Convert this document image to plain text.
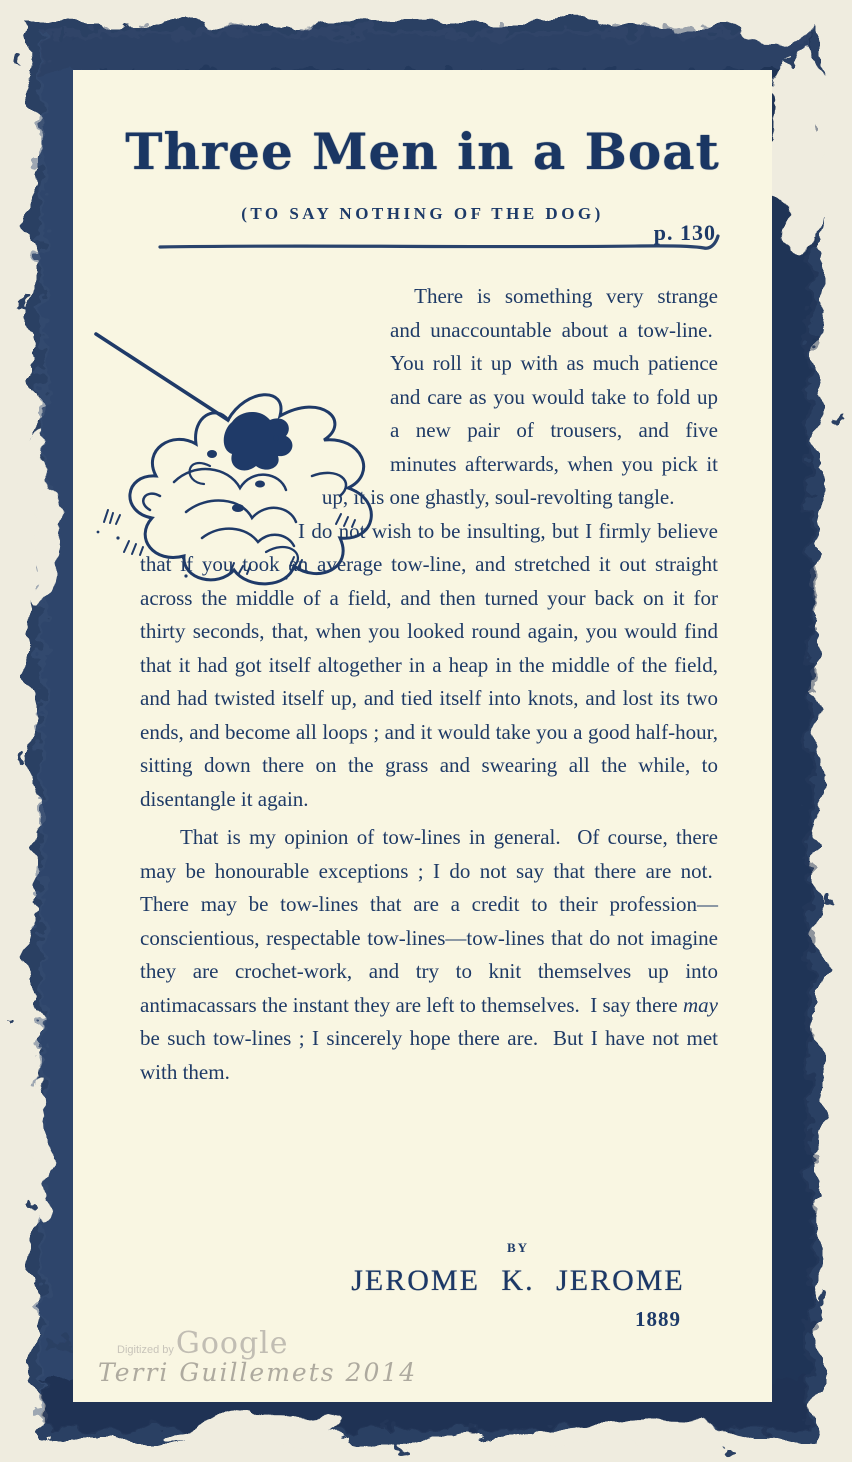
Three Men in a Boat
(TO SAY NOTHING OF THE DOG)
p. 130

There is something very strange and unaccountable about a tow-line.  You roll it up with as much patience and care as you would take to fold up a new pair of trousers, and five minutes afterwards, when you pick it up, it is one ghastly, soul-revolting tangle.

I do not wish to be insulting, but I firmly believe that if you took an average tow-line, and stretched it out straight across the middle of a field, and then turned your back on it for thirty seconds, that, when you looked round again, you would find that it had got itself altogether in a heap in the middle of the field, and had twisted itself up, and tied itself into knots, and lost its two ends, and become all loops ; and it would take you a good half-hour, sitting down there on the grass and swearing all the while, to disentangle it again.

That is my opinion of tow-lines in general.  Of course, there may be honourable exceptions ; I do not say that there are not.  There may be tow-lines that are a credit to their profession—conscientious, respectable tow-lines—tow-lines that do not imagine they are crochet-work, and try to knit themselves up into antimacassars the instant they are left to themselves.  I say there may be such tow-lines ; I sincerely hope there are.  But I have not met with them.

BY
JEROME K. JEROME
1889
Digitized by Google
Terri Guillemets 2014
